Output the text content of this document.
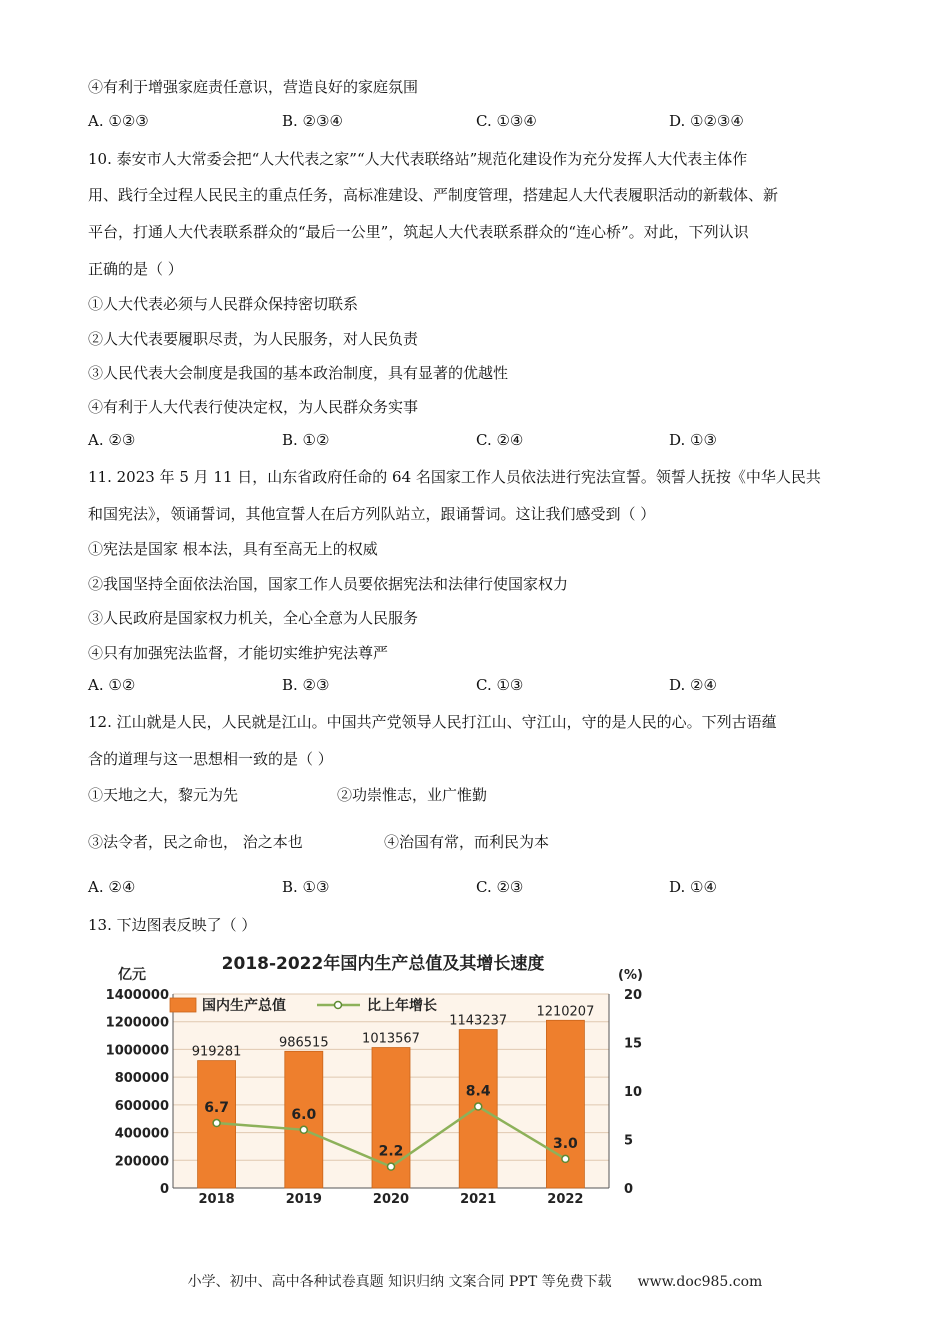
④有利于增强家庭责任意识，营造良好的家庭氛围
A. ①②③	B. ②③④	C. ①③④	D. ①②③④
10. 泰安市人大常委会把“人大代表之家”“人大代表联络站”规范化建设作为充分发挥人大代表主体作
用、践行全过程人民民主的重点任务，高标准建设、严制度管理，搭建起人大代表履职活动的新载体、新
平台，打通人大代表联系群众的“最后一公里”，筑起人大代表联系群众的“连心桥”。对此，下列认识
正确的是（ ）
①人大代表必须与人民群众保持密切联系
②人大代表要履职尽责，为人民服务，对人民负责
③人民代表大会制度是我国的基本政治制度，具有显著的优越性
④有利于人大代表行使决定权，为人民群众务实事
A. ②③	B. ①②	C. ②④	D. ①③
11. 2023 年 5 月 11 日，山东省政府任命的 64 名国家工作人员依法进行宪法宣誓。领誓人抚按《中华人民共
和国宪法》，领诵誓词，其他宣誓人在后方列队站立，跟诵誓词。这让我们感受到（ ）
①宪法是国家 根本法，具有至高无上的权威
②我国坚持全面依法治国，国家工作人员要依据宪法和法律行使国家权力
③人民政府是国家权力机关，全心全意为人民服务
④只有加强宪法监督，才能切实维护宪法尊严
A. ①②	B. ②③	C. ①③	D. ②④
12. 江山就是人民，人民就是江山。中国共产党领导人民打江山、守江山，守的是人民的心。下列古语蕴
含的道理与这一思想相一致的是（ ）
①天地之大，黎元为先	②功崇惟志，业广惟勤
③法令者，民之命也， 治之本也	④治国有常，而利民为本
A. ②④	B. ①③	C. ②③	D. ①④
13. 下边图表反映了（ ）
2018-2022年国内生产总值及其增长速度
亿元	(%)
0
200000
400000
600000
800000
1000000
1200000
1400000
0
5
10
15
20
919281
2018
986515
2019
1013567
2020
1143237
2021
1210207
2022
6.7	6.0
2.2
8.4
3.0
国内生产总值	比上年增长
小学、初中、高中各种试卷真题 知识归纳 文案合同 PPT 等免费下载 www.doc985.com
